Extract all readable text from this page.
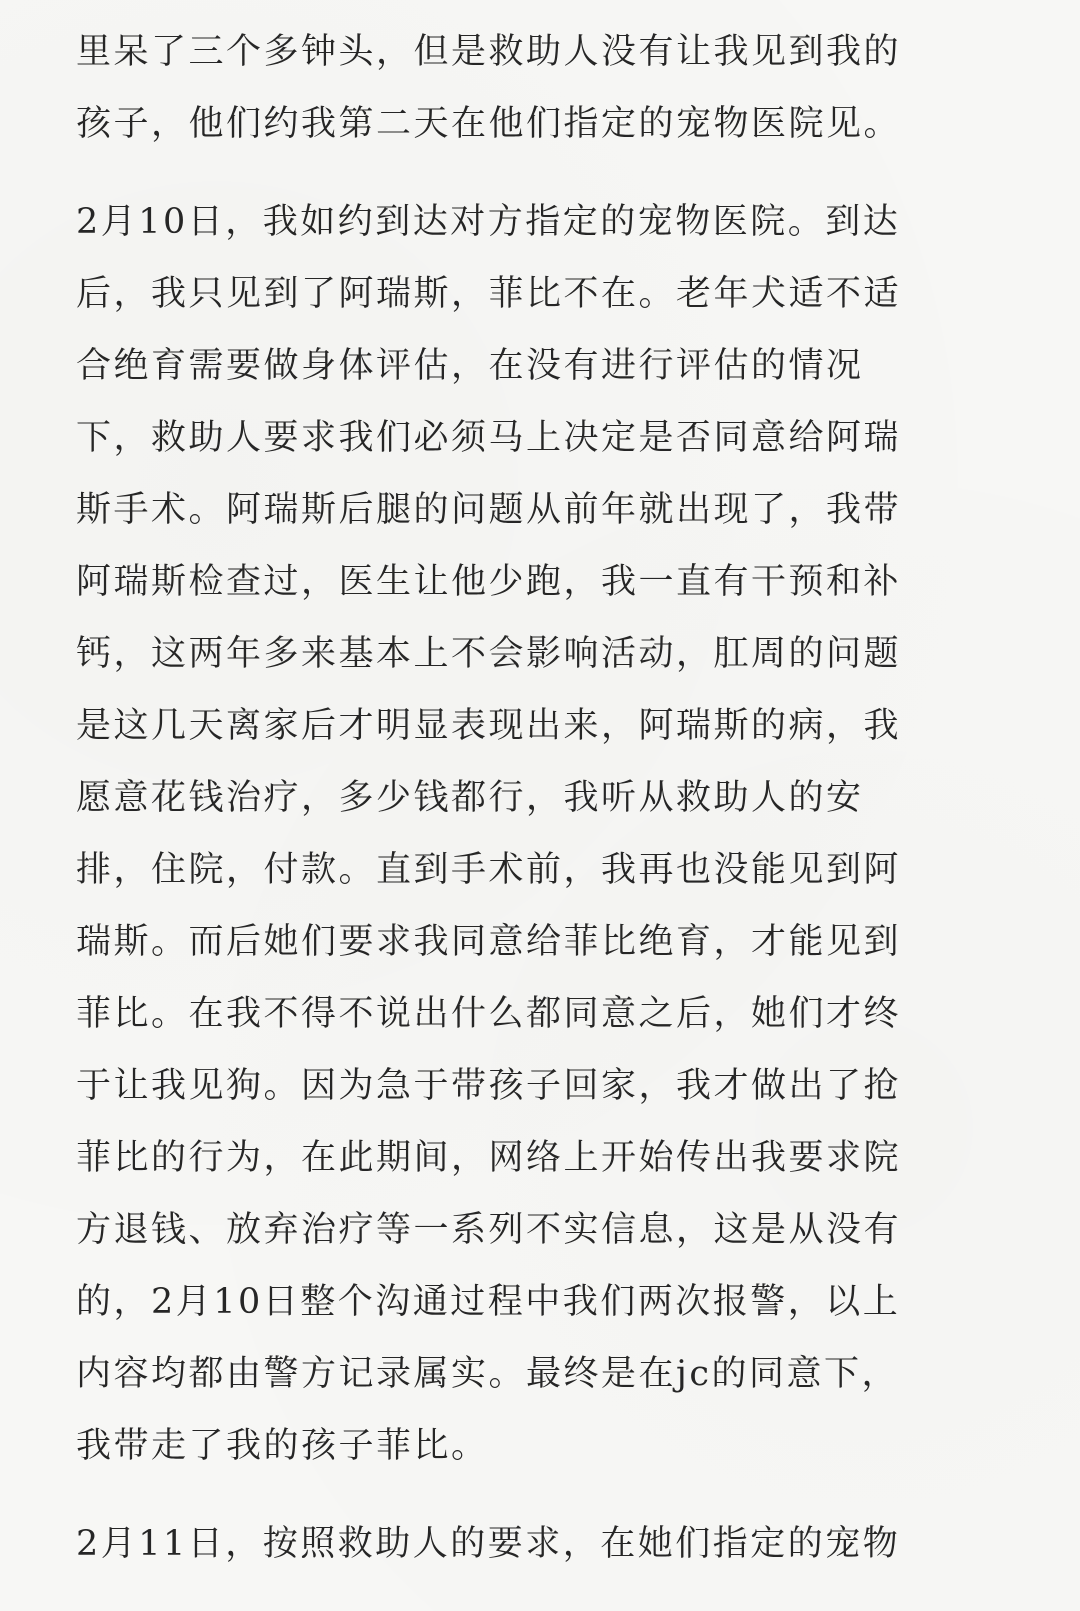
里呆了三个多钟头，但是救助人没有让我见到我的
孩子，他们约我第二天在他们指定的宠物医院见。

2月10日，我如约到达对方指定的宠物医院。到达
后，我只见到了阿瑞斯，菲比不在。老年犬适不适
合绝育需要做身体评估，在没有进行评估的情况
下，救助人要求我们必须马上决定是否同意给阿瑞
斯手术。阿瑞斯后腿的问题从前年就出现了，我带
阿瑞斯检查过，医生让他少跑，我一直有干预和补
钙，这两年多来基本上不会影响活动，肛周的问题
是这几天离家后才明显表现出来，阿瑞斯的病，我
愿意花钱治疗，多少钱都行，我听从救助人的安
排，住院，付款。直到手术前，我再也没能见到阿
瑞斯。而后她们要求我同意给菲比绝育，才能见到
菲比。在我不得不说出什么都同意之后，她们才终
于让我见狗。因为急于带孩子回家，我才做出了抢
菲比的行为，在此期间，网络上开始传出我要求院
方退钱、放弃治疗等一系列不实信息，这是从没有
的，2月10日整个沟通过程中我们两次报警，以上
内容均都由警方记录属实。最终是在jc的同意下，
我带走了我的孩子菲比。

2月11日，按照救助人的要求，在她们指定的宠物
